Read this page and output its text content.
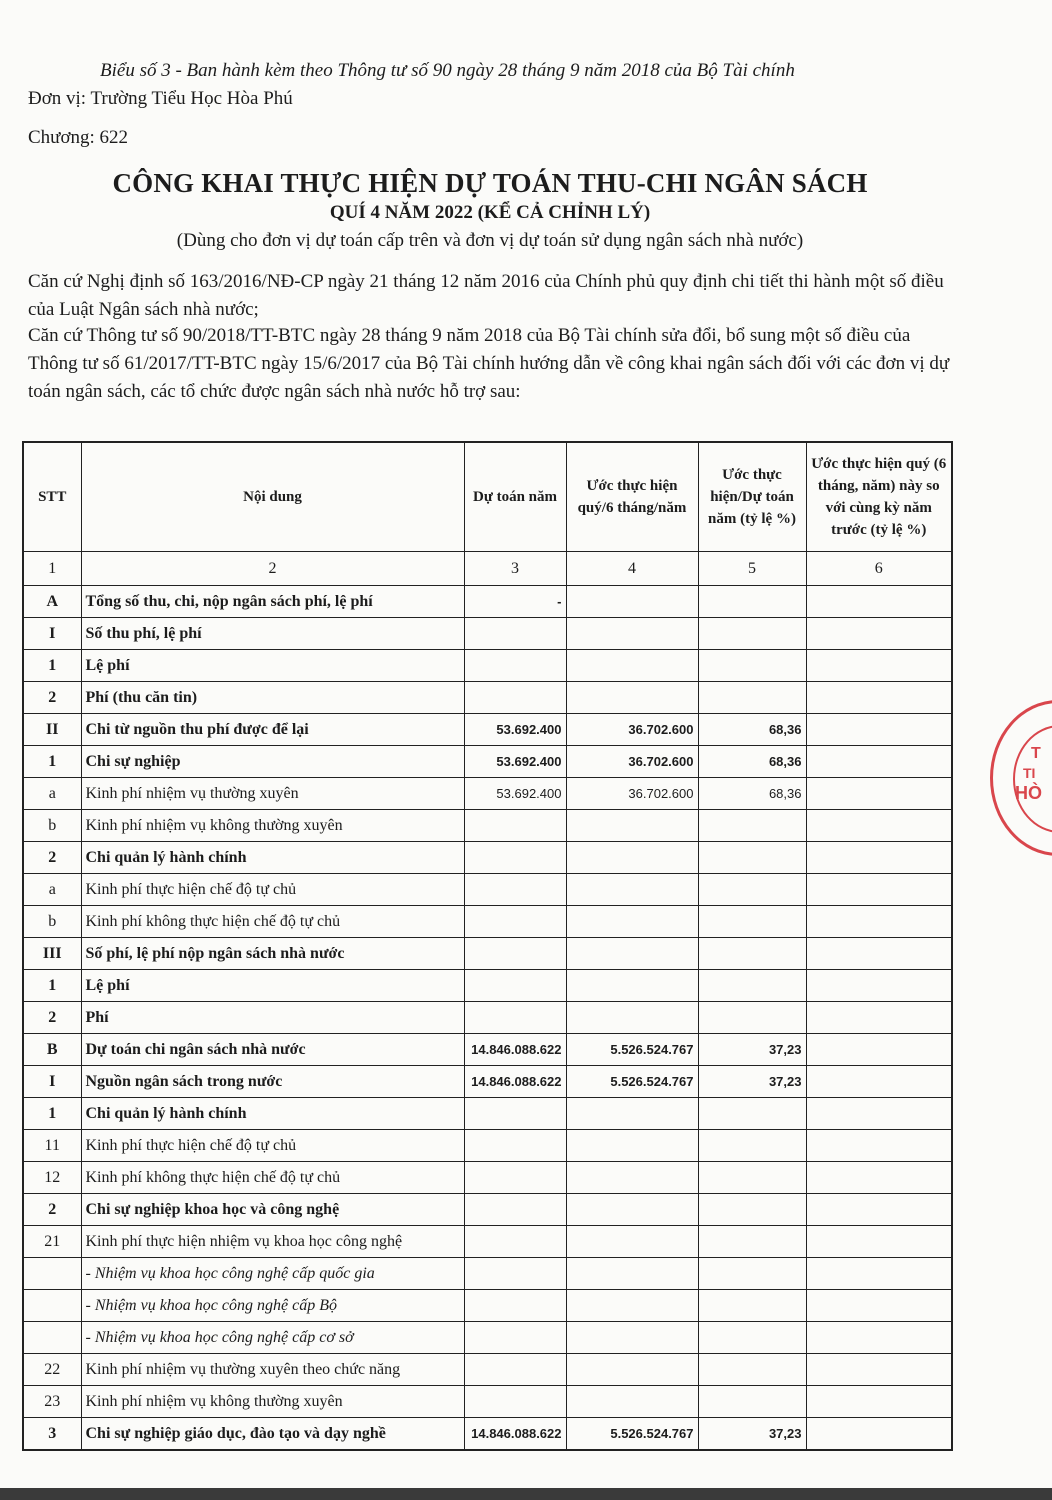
Biểu số 3 - Ban hành kèm theo Thông tư số 90 ngày 28 tháng 9 năm 2018 của Bộ Tài chính
Đơn vị: Trường Tiểu Học Hòa Phú
Chương: 622
CÔNG KHAI THỰC HIỆN DỰ TOÁN THU-CHI NGÂN SÁCH
QUÍ 4 NĂM 2022 (KỂ CẢ CHỈNH LÝ)
(Dùng cho đơn vị dự toán cấp trên và đơn vị dự toán sử dụng ngân sách nhà nước)
Căn cứ Nghị định số 163/2016/NĐ-CP ngày 21 tháng 12 năm 2016 của Chính phủ quy định chi tiết thi hành một số điều của Luật Ngân sách nhà nước;
Căn cứ Thông tư số 90/2018/TT-BTC ngày 28 tháng 9 năm 2018 của Bộ Tài chính sửa đổi, bổ sung một số điều của Thông tư số 61/2017/TT-BTC ngày 15/6/2017 của Bộ Tài chính hướng dẫn về công khai ngân sách đối với các đơn vị dự toán ngân sách, các tổ chức được ngân sách nhà nước hỗ trợ sau:
STT	Nội dung	Dự toán năm	Ước thực hiện quý/6 tháng/năm	Ước thực hiện/Dự toán năm (tỷ lệ %)	Ước thực hiện quý (6 tháng, năm) này so với cùng kỳ năm trước (tỷ lệ %)
1	2	3	4	5	6
A	Tổng số thu, chi, nộp ngân sách phí, lệ phí	-			
I	Số thu phí, lệ phí				
1	Lệ phí				
2	Phí (thu căn tin)				
II	Chi từ nguồn thu phí được để lại	53.692.400	36.702.600	68,36	
1	Chi sự nghiệp	53.692.400	36.702.600	68,36	
a	Kinh phí nhiệm vụ thường xuyên	53.692.400	36.702.600	68,36	
b	Kinh phí nhiệm vụ không thường xuyên				
2	Chi quản lý hành chính				
a	Kinh phí thực hiện chế độ tự chủ				
b	Kinh phí không thực hiện chế độ tự chủ				
III	Số phí, lệ phí nộp ngân sách nhà nước				
1	Lệ phí				
2	Phí				
B	Dự toán chi ngân sách nhà nước	14.846.088.622	5.526.524.767	37,23	
I	Nguồn ngân sách trong nước	14.846.088.622	5.526.524.767	37,23	
1	Chi quản lý hành chính				
11	Kinh phí thực hiện chế độ tự chủ				
12	Kinh phí không thực hiện chế độ tự chủ				
2	Chi sự nghiệp khoa học và công nghệ				
21	Kinh phí thực hiện nhiệm vụ khoa học công nghệ				
	- Nhiệm vụ khoa học công nghệ cấp quốc gia				
	- Nhiệm vụ khoa học công nghệ cấp Bộ				
	- Nhiệm vụ khoa học công nghệ cấp cơ sở				
22	Kinh phí nhiệm vụ thường xuyên theo chức năng				
23	Kinh phí nhiệm vụ không thường xuyên				
3	Chi sự nghiệp giáo dục, đào tạo và dạy nghề	14.846.088.622	5.526.524.767	37,23	
T
TI
HÒ
